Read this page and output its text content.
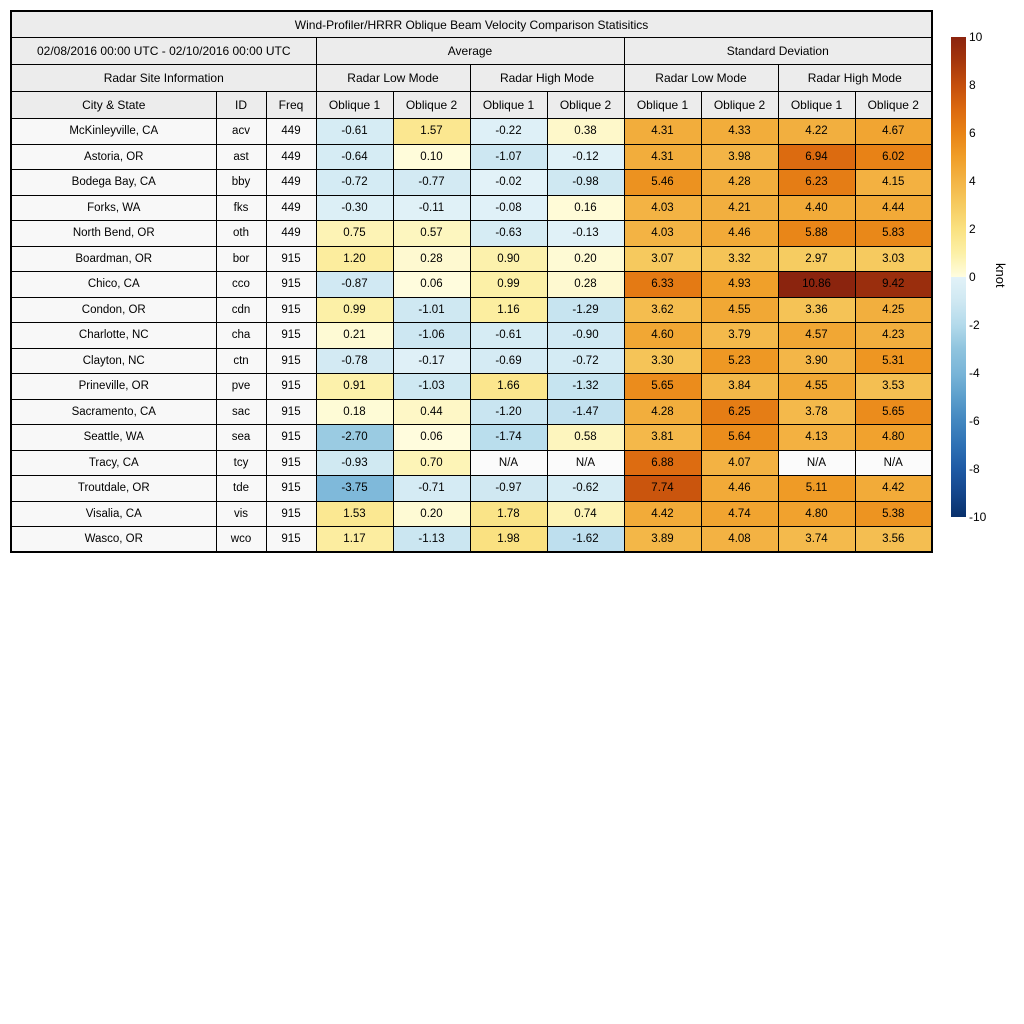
Wind-Profiler/HRRR Oblique Beam Velocity Comparison Statisitics										
02/08/2016 00:00 UTC - 02/10/2016 00:00 UTC			Average				Standard Deviation			
Radar Site Information			Radar Low Mode		Radar High Mode		Radar Low Mode		Radar High Mode	
City & State	ID	Freq	Oblique 1	Oblique 2	Oblique 1	Oblique 2	Oblique 1	Oblique 2	Oblique 1	Oblique 2
McKinleyville, CA	acv	449	-0.61	1.57	-0.22	0.38	4.31	4.33	4.22	4.67
Astoria, OR	ast	449	-0.64	0.10	-1.07	-0.12	4.31	3.98	6.94	6.02
Bodega Bay, CA	bby	449	-0.72	-0.77	-0.02	-0.98	5.46	4.28	6.23	4.15
Forks, WA	fks	449	-0.30	-0.11	-0.08	0.16	4.03	4.21	4.40	4.44
North Bend, OR	oth	449	0.75	0.57	-0.63	-0.13	4.03	4.46	5.88	5.83
Boardman, OR	bor	915	1.20	0.28	0.90	0.20	3.07	3.32	2.97	3.03
Chico, CA	cco	915	-0.87	0.06	0.99	0.28	6.33	4.93	10.86	9.42
Condon, OR	cdn	915	0.99	-1.01	1.16	-1.29	3.62	4.55	3.36	4.25
Charlotte, NC	cha	915	0.21	-1.06	-0.61	-0.90	4.60	3.79	4.57	4.23
Clayton, NC	ctn	915	-0.78	-0.17	-0.69	-0.72	3.30	5.23	3.90	5.31
Prineville, OR	pve	915	0.91	-1.03	1.66	-1.32	5.65	3.84	4.55	3.53
Sacramento, CA	sac	915	0.18	0.44	-1.20	-1.47	4.28	6.25	3.78	5.65
Seattle, WA	sea	915	-2.70	0.06	-1.74	0.58	3.81	5.64	4.13	4.80
Tracy, CA	tcy	915	-0.93	0.70	N/A	N/A	6.88	4.07	N/A	N/A
Troutdale, OR	tde	915	-3.75	-0.71	-0.97	-0.62	7.74	4.46	5.11	4.42
Visalia, CA	vis	915	1.53	0.20	1.78	0.74	4.42	4.74	4.80	5.38
Wasco, OR	wco	915	1.17	-1.13	1.98	-1.62	3.89	4.08	3.74	3.56
knot
10
8
6
4
2
0
-2
-4
-6
-8
-10
